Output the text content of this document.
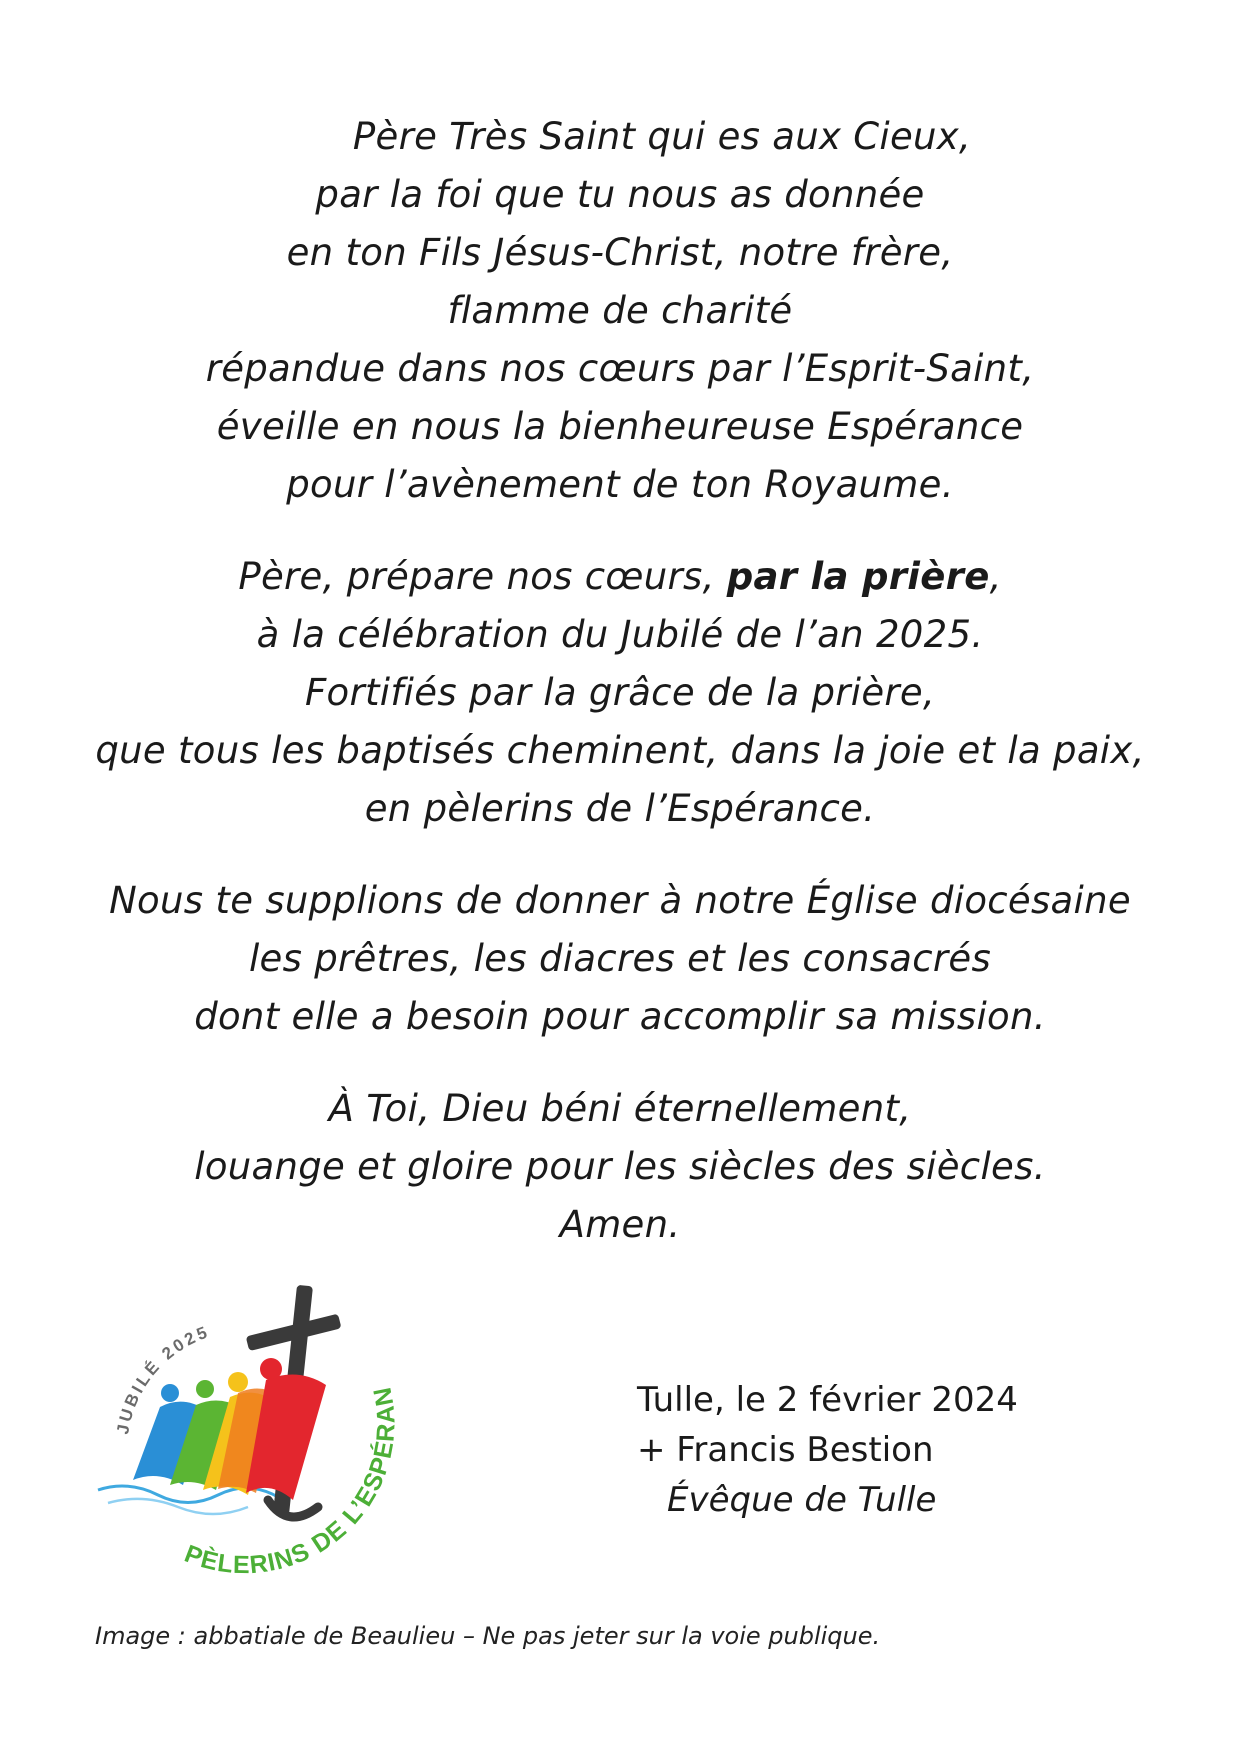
Père Très Saint qui es aux Cieux,
par la foi que tu nous as donnée
en ton Fils Jésus-Christ, notre frère,
flamme de charité
répandue dans nos cœurs par l’Esprit-Saint,
éveille en nous la bienheureuse Espérance
pour l’avènement de ton Royaume.
Père, prépare nos cœurs, par la prière,
à la célébration du Jubilé de l’an 2025.
Fortifiés par la grâce de la prière,
que tous les baptisés cheminent, dans la joie et la paix,
en pèlerins de l’Espérance.
Nous te supplions de donner à notre Église diocésaine
les prêtres, les diacres et les consacrés
dont elle a besoin pour accomplir sa mission.
À Toi, Dieu béni éternellement,
louange et gloire pour les siècles des siècles.
Amen.
JUBILÉ 2025
PÈLERINS DE L’ESPÉRAN	Tulle, le 2 février 2024
+ Francis Bestion
Évêque de Tulle
Image : abbatiale de Beaulieu – Ne pas jeter sur la voie publique.
